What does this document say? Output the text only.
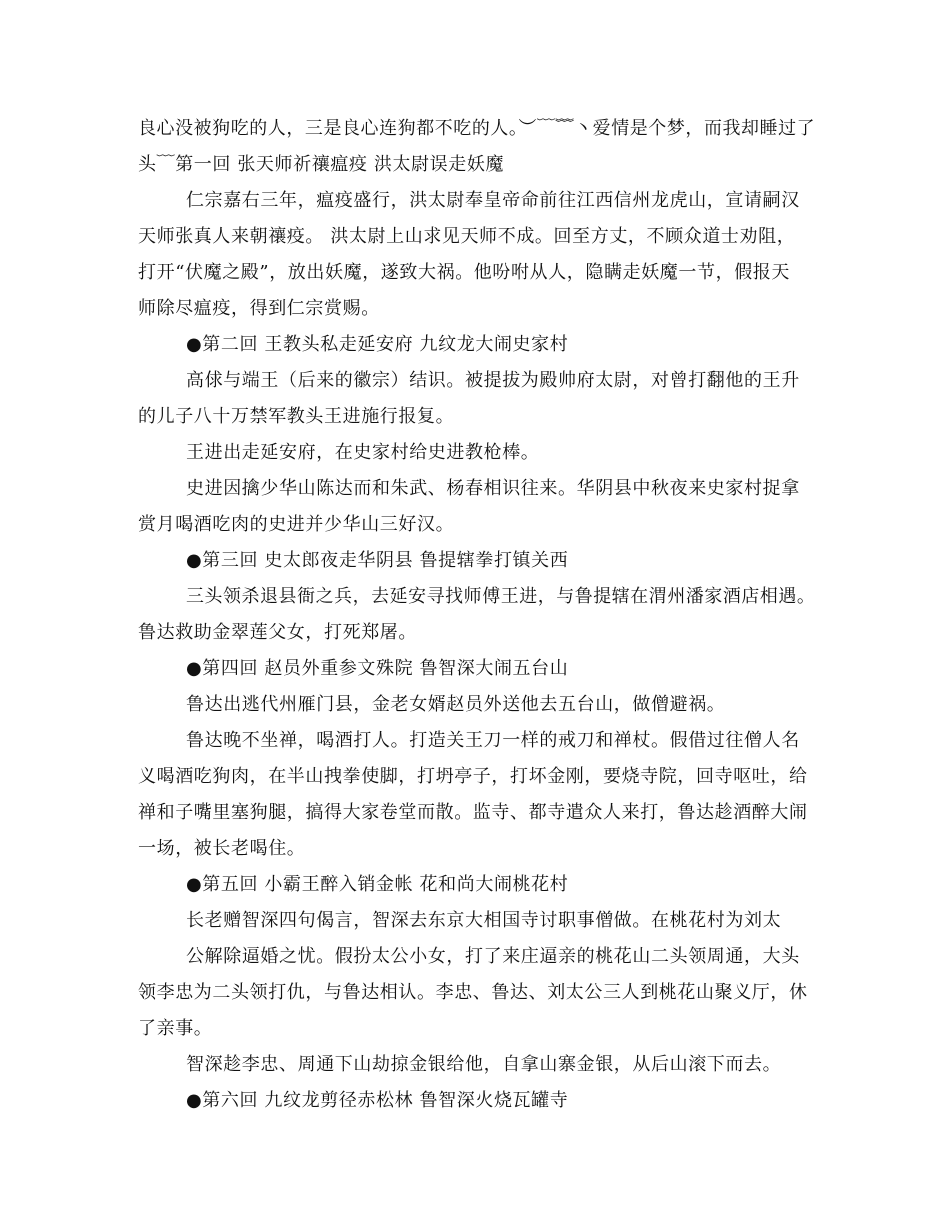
良心没被狗吃的人，三是良心连狗都不吃的人。︶﹋﹌丶爱情是个梦，而我却睡过了
头﹋第一回 张天师祈禳瘟疫 洪太尉误走妖魔
仁宗嘉右三年，瘟疫盛行，洪太尉奉皇帝命前往江西信州龙虎山，宣请嗣汉
天师张真人来朝禳疫。 洪太尉上山求见天师不成。回至方丈，不顾众道士劝阻，
打开“伏魔之殿”，放出妖魔，遂致大祸。他吩咐从人，隐瞒走妖魔一节，假报天
师除尽瘟疫，得到仁宗赏赐。
●第二回 王教头私走延安府 九纹龙大闹史家村
高俅与端王（后来的徽宗）结识。被提拔为殿帅府太尉，对曾打翻他的王升
的儿子八十万禁军教头王进施行报复。
王进出走延安府，在史家村给史进教枪棒。
史进因擒少华山陈达而和朱武、杨春相识往来。华阴县中秋夜来史家村捉拿
赏月喝酒吃肉的史进并少华山三好汉。
●第三回 史太郎夜走华阴县 鲁提辖拳打镇关西
三头领杀退县衙之兵，去延安寻找师傅王进，与鲁提辖在渭州潘家酒店相遇。
鲁达救助金翠莲父女，打死郑屠。
●第四回 赵员外重参文殊院 鲁智深大闹五台山
鲁达出逃代州雁门县，金老女婿赵员外送他去五台山，做僧避祸。
鲁达晚不坐禅，喝酒打人。打造关王刀一样的戒刀和禅杖。假借过往僧人名
义喝酒吃狗肉，在半山拽拳使脚，打坍亭子，打坏金刚，要烧寺院，回寺呕吐，给
禅和子嘴里塞狗腿，搞得大家卷堂而散。监寺、都寺遣众人来打，鲁达趁酒醉大闹
一场，被长老喝住。
●第五回 小霸王醉入销金帐 花和尚大闹桃花村
长老赠智深四句偈言，智深去东京大相国寺讨职事僧做。在桃花村为刘太
公解除逼婚之忧。假扮太公小女，打了来庄逼亲的桃花山二头领周通，大头
领李忠为二头领打仇，与鲁达相认。李忠、鲁达、刘太公三人到桃花山聚义厅，休
了亲事。
智深趁李忠、周通下山劫掠金银给他，自拿山寨金银，从后山滚下而去。
●第六回 九纹龙剪径赤松林 鲁智深火烧瓦罐寺
